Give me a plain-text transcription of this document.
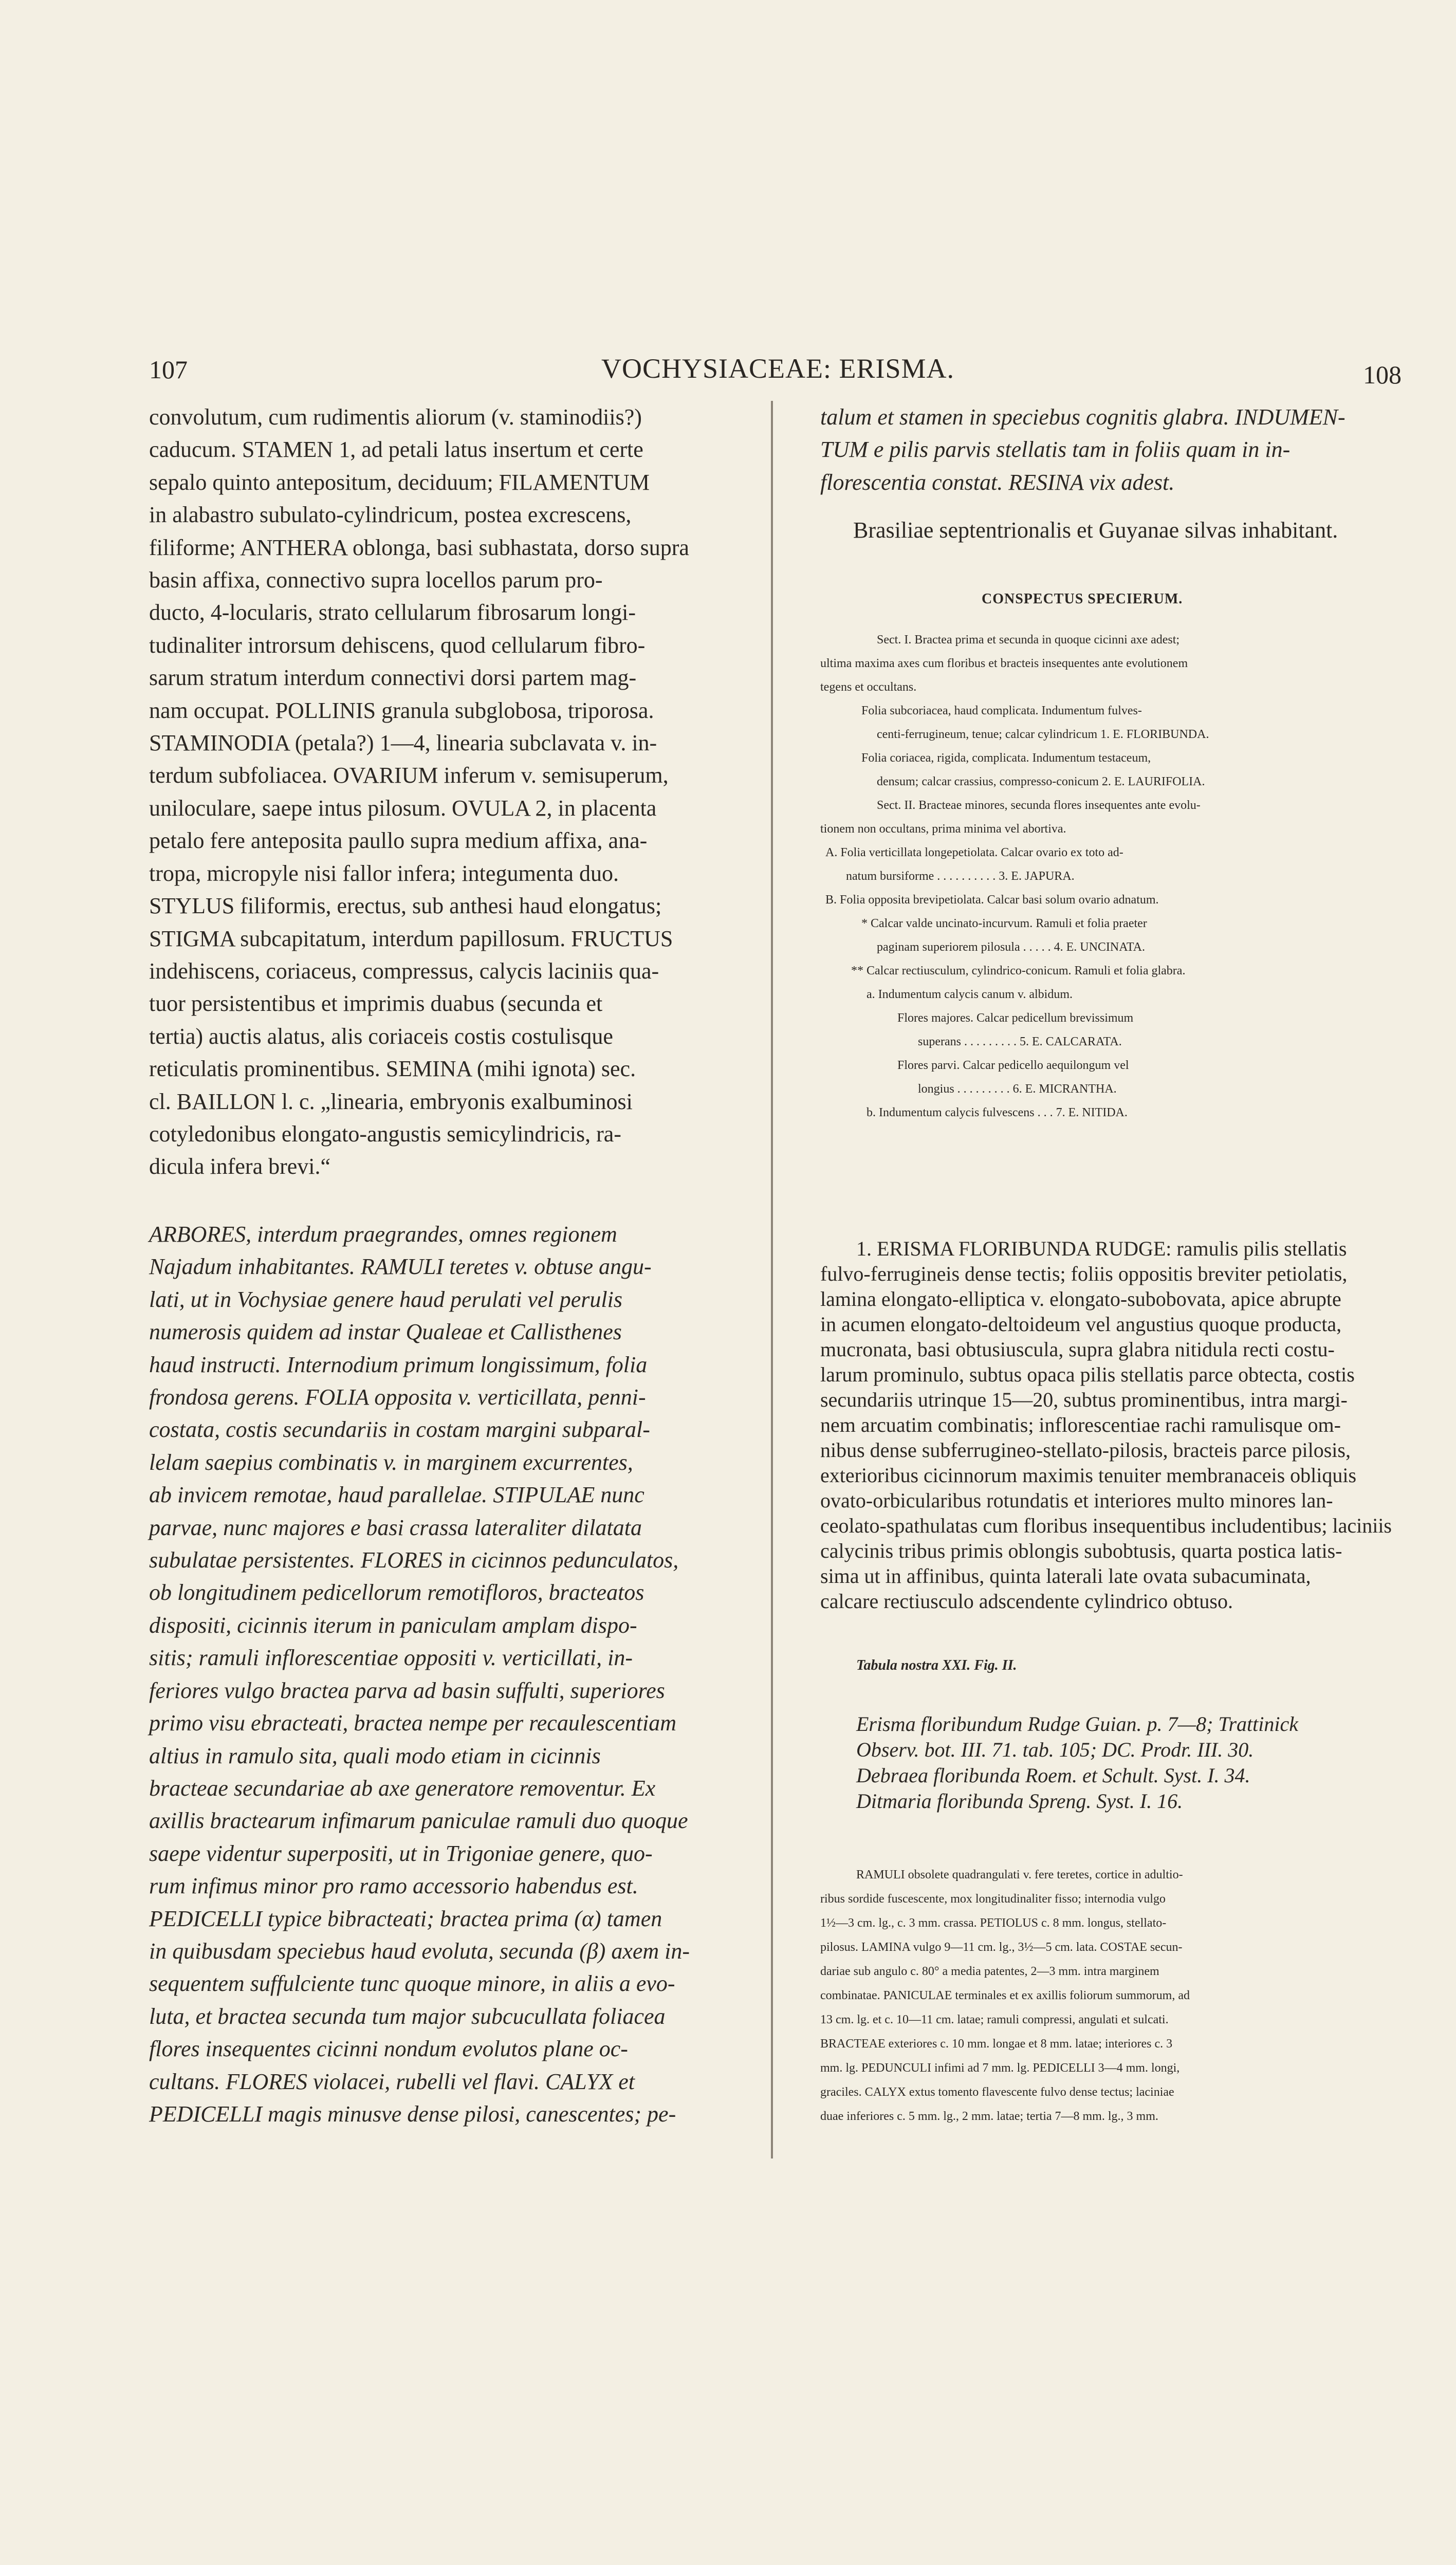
107	VOCHYSIACEAE: ERISMA.	108
convolutum, cum rudimentis aliorum (v. staminodiis?)
caducum. STAMEN 1, ad petali latus insertum et certe
sepalo quinto antepositum, deciduum; FILAMENTUM
in alabastro subulato-cylindricum, postea excrescens,
filiforme; ANTHERA oblonga, basi subhastata, dorso supra
basin affixa, connectivo supra locellos parum pro-
ducto, 4-locularis, strato cellularum fibrosarum longi-
tudinaliter introrsum dehiscens, quod cellularum fibro-
sarum stratum interdum connectivi dorsi partem mag-
nam occupat. POLLINIS granula subglobosa, triporosa.
STAMINODIA (petala?) 1—4, linearia subclavata v. in-
terdum subfoliacea. OVARIUM inferum v. semisuperum,
uniloculare, saepe intus pilosum. OVULA 2, in placenta
petalo fere anteposita paullo supra medium affixa, ana-
tropa, micropyle nisi fallor infera; integumenta duo.
STYLUS filiformis, erectus, sub anthesi haud elongatus;
STIGMA subcapitatum, interdum papillosum. FRUCTUS
indehiscens, coriaceus, compressus, calycis laciniis qua-
tuor persistentibus et imprimis duabus (secunda et
tertia) auctis alatus, alis coriaceis costis costulisque
reticulatis prominentibus. SEMINA (mihi ignota) sec.
cl. BAILLON l. c. „linearia, embryonis exalbuminosi
cotyledonibus elongato-angustis semicylindricis, ra-
dicula infera brevi.“
ARBORES, interdum praegrandes, omnes regionem
Najadum inhabitantes. RAMULI teretes v. obtuse angu-
lati, ut in Vochysiae genere haud perulati vel perulis
numerosis quidem ad instar Qualeae et Callisthenes
haud instructi. Internodium primum longissimum, folia
frondosa gerens. FOLIA opposita v. verticillata, penni-
costata, costis secundariis in costam margini subparal-
lelam saepius combinatis v. in marginem excurrentes,
ab invicem remotae, haud parallelae. STIPULAE nunc
parvae, nunc majores e basi crassa lateraliter dilatata
subulatae persistentes. FLORES in cicinnos pedunculatos,
ob longitudinem pedicellorum remotifloros, bracteatos
dispositi, cicinnis iterum in paniculam amplam dispo-
sitis; ramuli inflorescentiae oppositi v. verticillati, in-
feriores vulgo bractea parva ad basin suffulti, superiores
primo visu ebracteati, bractea nempe per recaulescentiam
altius in ramulo sita, quali modo etiam in cicinnis
bracteae secundariae ab axe generatore removentur. Ex
axillis bractearum infimarum paniculae ramuli duo quoque
saepe videntur superpositi, ut in Trigoniae genere, quo-
rum infimus minor pro ramo accessorio habendus est.
PEDICELLI typice bibracteati; bractea prima (α) tamen
in quibusdam speciebus haud evoluta, secunda (β) axem in-
sequentem suffulciente tunc quoque minore, in aliis a evo-
luta, et bractea secunda tum major subcucullata foliacea
flores insequentes cicinni nondum evolutos plane oc-
cultans. FLORES violacei, rubelli vel flavi. CALYX et
PEDICELLI magis minusve dense pilosi, canescentes; pe-
talum et stamen in speciebus cognitis glabra. INDUMEN-
TUM e pilis parvis stellatis tam in foliis quam in in-
florescentia constat. RESINA vix adest.
Brasiliae septentrionalis et Guyanae silvas inhabitant.
CONSPECTUS SPECIERUM.
Sect. I. Bractea prima et secunda in quoque cicinni axe adest;
ultima maxima axes cum floribus et bracteis insequentes ante evolutionem
tegens et occultans.
Folia subcoriacea, haud complicata. Indumentum fulves-
centi-ferrugineum, tenue; calcar cylindricum 1. E. FLORIBUNDA.
Folia coriacea, rigida, complicata. Indumentum testaceum,
densum; calcar crassius, compresso-conicum 2. E. LAURIFOLIA.
Sect. II. Bracteae minores, secunda flores insequentes ante evolu-
tionem non occultans, prima minima vel abortiva.
A. Folia verticillata longepetiolata. Calcar ovario ex toto ad-
natum bursiforme . . . . . . . . . . 3. E. JAPURA.
B. Folia opposita brevipetiolata. Calcar basi solum ovario adnatum.
* Calcar valde uncinato-incurvum. Ramuli et folia praeter
paginam superiorem pilosula . . . . . 4. E. UNCINATA.
** Calcar rectiusculum, cylindrico-conicum. Ramuli et folia glabra.
a. Indumentum calycis canum v. albidum.
Flores majores. Calcar pedicellum brevissimum
superans . . . . . . . . . 5. E. CALCARATA.
Flores parvi. Calcar pedicello aequilongum vel
longius . . . . . . . . . 6. E. MICRANTHA.
b. Indumentum calycis fulvescens . . . 7. E. NITIDA.
1. ERISMA FLORIBUNDA RUDGE: ramulis pilis stellatis
fulvo-ferrugineis dense tectis; foliis oppositis breviter petiolatis,
lamina elongato-elliptica v. elongato-subobovata, apice abrupte
in acumen elongato-deltoideum vel angustius quoque producta,
mucronata, basi obtusiuscula, supra glabra nitidula recti costu-
larum prominulo, subtus opaca pilis stellatis parce obtecta, costis
secundariis utrinque 15—20, subtus prominentibus, intra margi-
nem arcuatim combinatis; inflorescentiae rachi ramulisque om-
nibus dense subferrugineo-stellato-pilosis, bracteis parce pilosis,
exterioribus cicinnorum maximis tenuiter membranaceis obliquis
ovato-orbicularibus rotundatis et interiores multo minores lan-
ceolato-spathulatas cum floribus insequentibus includentibus; laciniis
calycinis tribus primis oblongis subobtusis, quarta postica latis-
sima ut in affinibus, quinta laterali late ovata subacuminata,
calcare rectiusculo adscendente cylindrico obtuso.
Tabula nostra XXI. Fig. II.
Erisma floribundum Rudge Guian. p. 7—8; Trattinick
Observ. bot. III. 71. tab. 105; DC. Prodr. III. 30.
Debraea floribunda Roem. et Schult. Syst. I. 34.
Ditmaria floribunda Spreng. Syst. I. 16.
RAMULI obsolete quadrangulati v. fere teretes, cortice in adultio-
ribus sordide fuscescente, mox longitudinaliter fisso; internodia vulgo
1½—3 cm. lg., c. 3 mm. crassa. PETIOLUS c. 8 mm. longus, stellato-
pilosus. LAMINA vulgo 9—11 cm. lg., 3½—5 cm. lata. COSTAE secun-
dariae sub angulo c. 80° a media patentes, 2—3 mm. intra marginem
combinatae. PANICULAE terminales et ex axillis foliorum summorum, ad
13 cm. lg. et c. 10—11 cm. latae; ramuli compressi, angulati et sulcati.
BRACTEAE exteriores c. 10 mm. longae et 8 mm. latae; interiores c. 3
mm. lg. PEDUNCULI infimi ad 7 mm. lg. PEDICELLI 3—4 mm. longi,
graciles. CALYX extus tomento flavescente fulvo dense tectus; laciniae
duae inferiores c. 5 mm. lg., 2 mm. latae; tertia 7—8 mm. lg., 3 mm.
